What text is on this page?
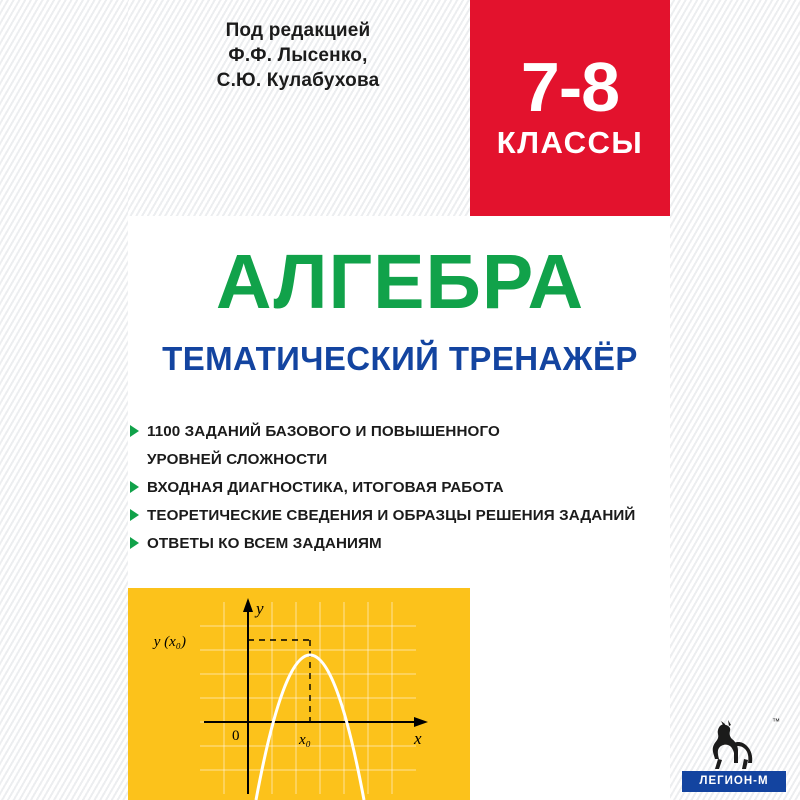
Под редакцией
Ф.Ф. Лысенко,
С.Ю. Кулабухова	7-8
КЛАССЫ
АЛГЕБРА
ТЕМАТИЧЕСКИЙ ТРЕНАЖЁР
1100 ЗАДАНИЙ БАЗОВОГО И ПОВЫШЕННОГО
УРОВНЕЙ СЛОЖНОСТИ
ВХОДНАЯ ДИАГНОСТИКА, ИТОГОВАЯ РАБОТА
ТЕОРЕТИЧЕСКИЕ СВЕДЕНИЯ И ОБРАЗЦЫ РЕШЕНИЯ ЗАДАНИЙ
ОТВЕТЫ КО ВСЕМ ЗАДАНИЯМ
y
x
0	x₀
y (x₀)
™
ЛЕГИОН-М
